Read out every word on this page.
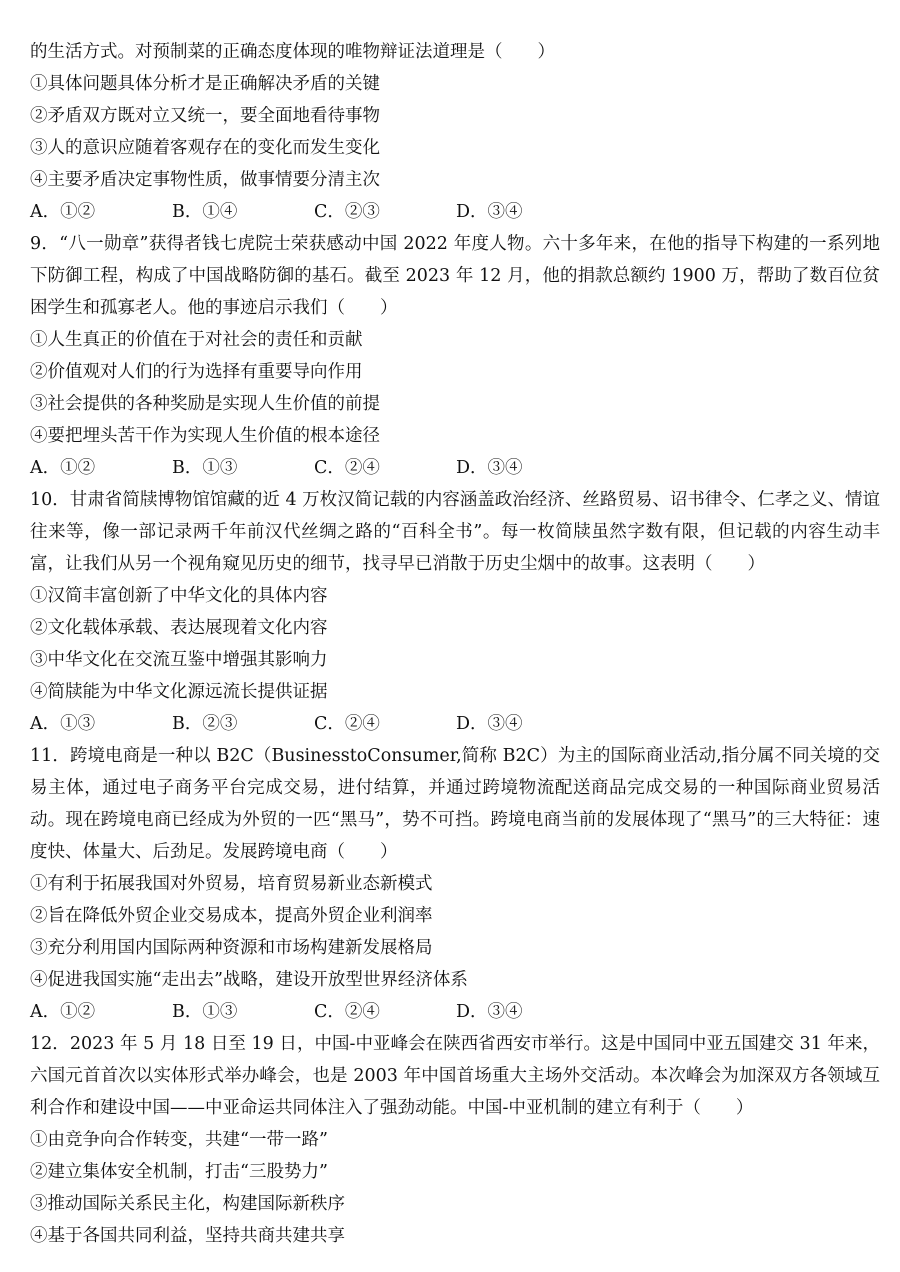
的生活方式。对预制菜的正确态度体现的唯物辩证法道理是（　　）
①具体问题具体分析才是正确解决矛盾的关键
②矛盾双方既对立又统一，要全面地看待事物
③人的意识应随着客观存在的变化而发生变化
④主要矛盾决定事物性质，做事情要分清主次
A．①②	B．①④	C．②③	D．③④
9．“八一勋章”获得者钱七虎院士荣获感动中国 2022 年度人物。六十多年来，在他的指导下构建的一系列地下防御工程，构成了中国战略防御的基石。截至 2023 年 12 月，他的捐款总额约 1900 万，帮助了数百位贫困学生和孤寡老人。他的事迹启示我们（　　）
①人生真正的价值在于对社会的责任和贡献
②价值观对人们的行为选择有重要导向作用
③社会提供的各种奖励是实现人生价值的前提
④要把埋头苦干作为实现人生价值的根本途径
A．①②	B．①③	C．②④	D．③④
10．甘肃省简牍博物馆馆藏的近 4 万枚汉简记载的内容涵盖政治经济、丝路贸易、诏书律令、仁孝之义、情谊往来等，像一部记录两千年前汉代丝绸之路的“百科全书”。每一枚简牍虽然字数有限，但记载的内容生动丰富，让我们从另一个视角窥见历史的细节，找寻早已消散于历史尘烟中的故事。这表明（　　）
①汉简丰富创新了中华文化的具体内容
②文化载体承载、表达展现着文化内容
③中华文化在交流互鉴中增强其影响力
④简牍能为中华文化源远流长提供证据
A．①③	B．②③	C．②④	D．③④
11．跨境电商是一种以 B2C（BusinesstoConsumer,简称 B2C）为主的国际商业活动,指分属不同关境的交易主体，通过电子商务平台完成交易，进付结算，并通过跨境物流配送商品完成交易的一种国际商业贸易活动。现在跨境电商已经成为外贸的一匹“黑马”，势不可挡。跨境电商当前的发展体现了“黑马”的三大特征：速度快、体量大、后劲足。发展跨境电商（　　）
①有利于拓展我国对外贸易，培育贸易新业态新模式
②旨在降低外贸企业交易成本，提高外贸企业利润率
③充分利用国内国际两种资源和市场构建新发展格局
④促进我国实施“走出去”战略，建设开放型世界经济体系
A．①②	B．①③	C．②④	D．③④
12．2023 年 5 月 18 日至 19 日，中国-中亚峰会在陕西省西安市举行。这是中国同中亚五国建交 31 年来，六国元首首次以实体形式举办峰会，也是 2003 年中国首场重大主场外交活动。本次峰会为加深双方各领域互利合作和建设中国——中亚命运共同体注入了强劲动能。中国-中亚机制的建立有利于（　　）
①由竞争向合作转变，共建“一带一路”
②建立集体安全机制，打击“三股势力”
③推动国际关系民主化，构建国际新秩序
④基于各国共同利益，坚持共商共建共享
